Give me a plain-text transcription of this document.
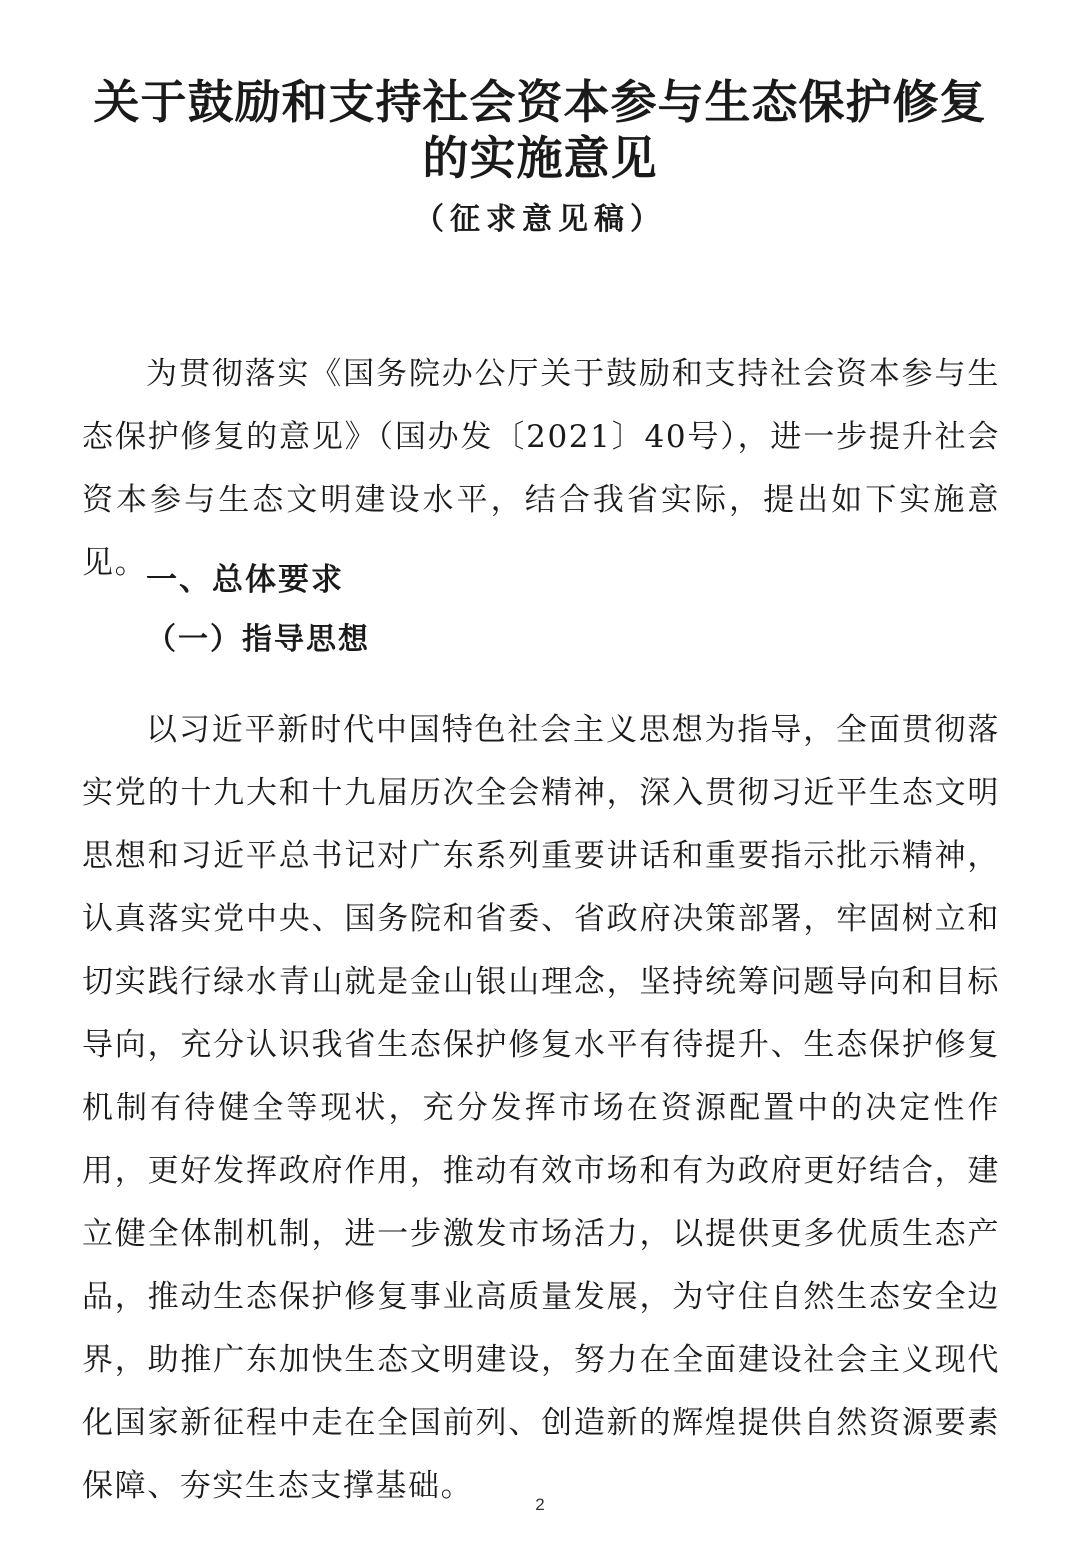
关于鼓励和支持社会资本参与生态保护修复
的实施意见
（征求意见稿）

为贯彻落实《国务院办公厅关于鼓励和支持社会资本参与生态保护修复的意见》（国办发〔2021〕40号），进一步提升社会资本参与生态文明建设水平，结合我省实际，提出如下实施意见。

一、总体要求
（一）指导思想

以习近平新时代中国特色社会主义思想为指导，全面贯彻落实党的十九大和十九届历次全会精神，深入贯彻习近平生态文明思想和习近平总书记对广东系列重要讲话和重要指示批示精神，认真落实党中央、国务院和省委、省政府决策部署，牢固树立和切实践行绿水青山就是金山银山理念，坚持统筹问题导向和目标导向，充分认识我省生态保护修复水平有待提升、生态保护修复机制有待健全等现状，充分发挥市场在资源配置中的决定性作用，更好发挥政府作用，推动有效市场和有为政府更好结合，建立健全体制机制，进一步激发市场活力，以提供更多优质生态产品，推动生态保护修复事业高质量发展，为守住自然生态安全边界，助推广东加快生态文明建设，努力在全面建设社会主义现代化国家新征程中走在全国前列、创造新的辉煌提供自然资源要素保障、夯实生态支撑基础。

2
